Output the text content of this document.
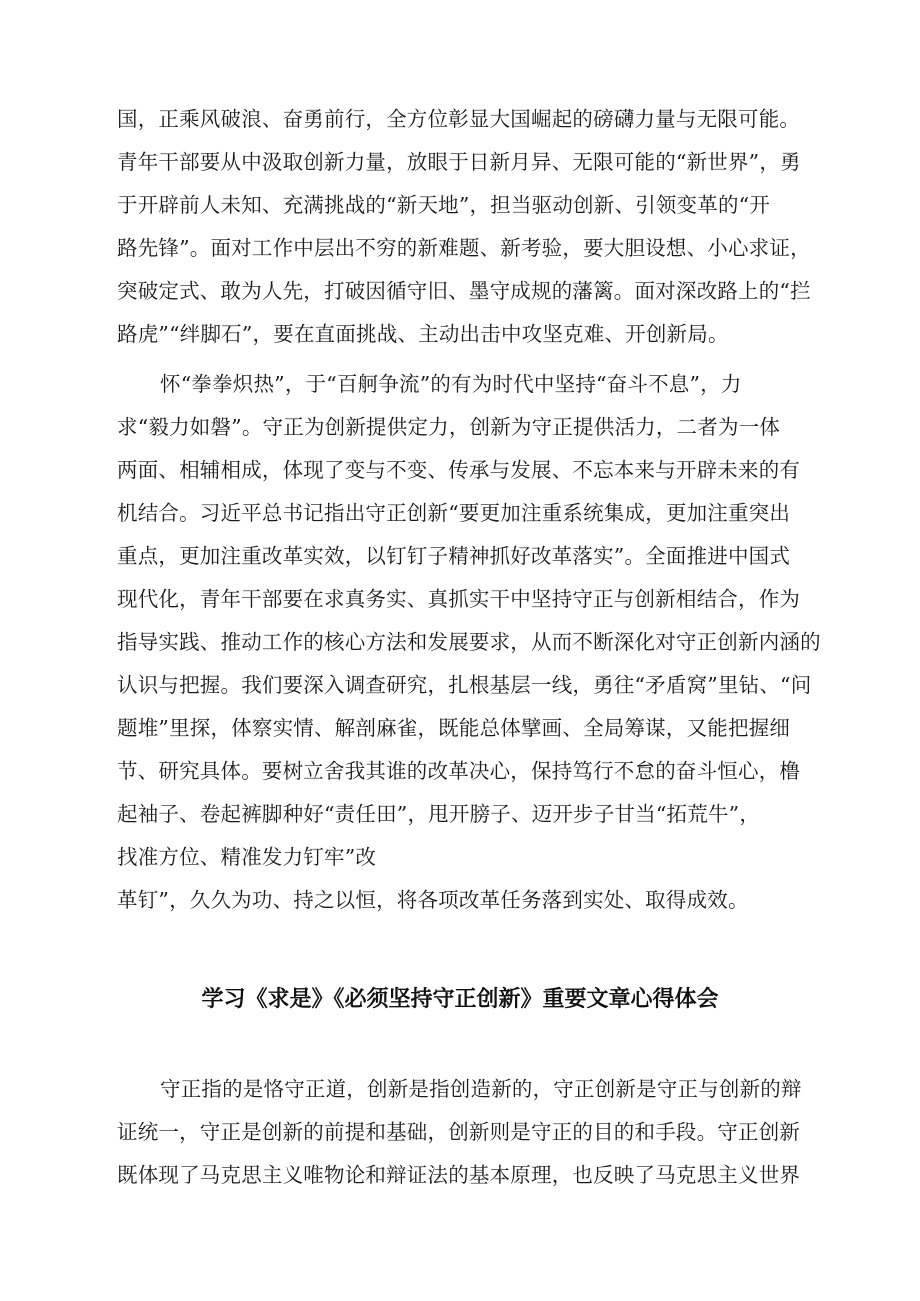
国，正乘风破浪、奋勇前行，全方位彰显大国崛起的磅礴力量与无限可能。
青年干部要从中汲取创新力量，放眼于日新月异、无限可能的“新世界”，勇
于开辟前人未知、充满挑战的“新天地”，担当驱动创新、引领变革的“开
路先锋”。面对工作中层出不穷的新难题、新考验，要大胆设想、小心求证，
突破定式、敢为人先，打破因循守旧、墨守成规的藩篱。面对深改路上的“拦
路虎”“绊脚石”，要在直面挑战、主动出击中攻坚克难、开创新局。
怀“拳拳炽热”，于“百舸争流”的有为时代中坚持“奋斗不息”，力
求“毅力如磐”。守正为创新提供定力，创新为守正提供活力，二者为一体
两面、相辅相成，体现了变与不变、传承与发展、不忘本来与开辟未来的有
机结合。习近平总书记指出守正创新“要更加注重系统集成，更加注重突出
重点，更加注重改革实效，以钉钉子精神抓好改革落实”。全面推进中国式
现代化，青年干部要在求真务实、真抓实干中坚持守正与创新相结合，作为
指导实践、推动工作的核心方法和发展要求，从而不断深化对守正创新内涵的
认识与把握。我们要深入调查研究，扎根基层一线，勇往“矛盾窝”里钻、“问
题堆”里探，体察实情、解剖麻雀，既能总体擘画、全局筹谋，又能把握细
节、研究具体。要树立舍我其谁的改革决心，保持笃行不怠的奋斗恒心，橹
起袖子、卷起裤脚种好“责任田”，甩开膀子、迈开步子甘当“拓荒牛”，
找准方位、精准发力钉牢”改
革钉”，久久为功、持之以恒，将各项改革任务落到实处、取得成效。
学习《求是》《必须坚持守正创新》重要文章心得体会
守正指的是恪守正道，创新是指创造新的，守正创新是守正与创新的辩
证统一，守正是创新的前提和基础，创新则是守正的目的和手段。守正创新
既体现了马克思主义唯物论和辩证法的基本原理，也反映了马克思主义世界
